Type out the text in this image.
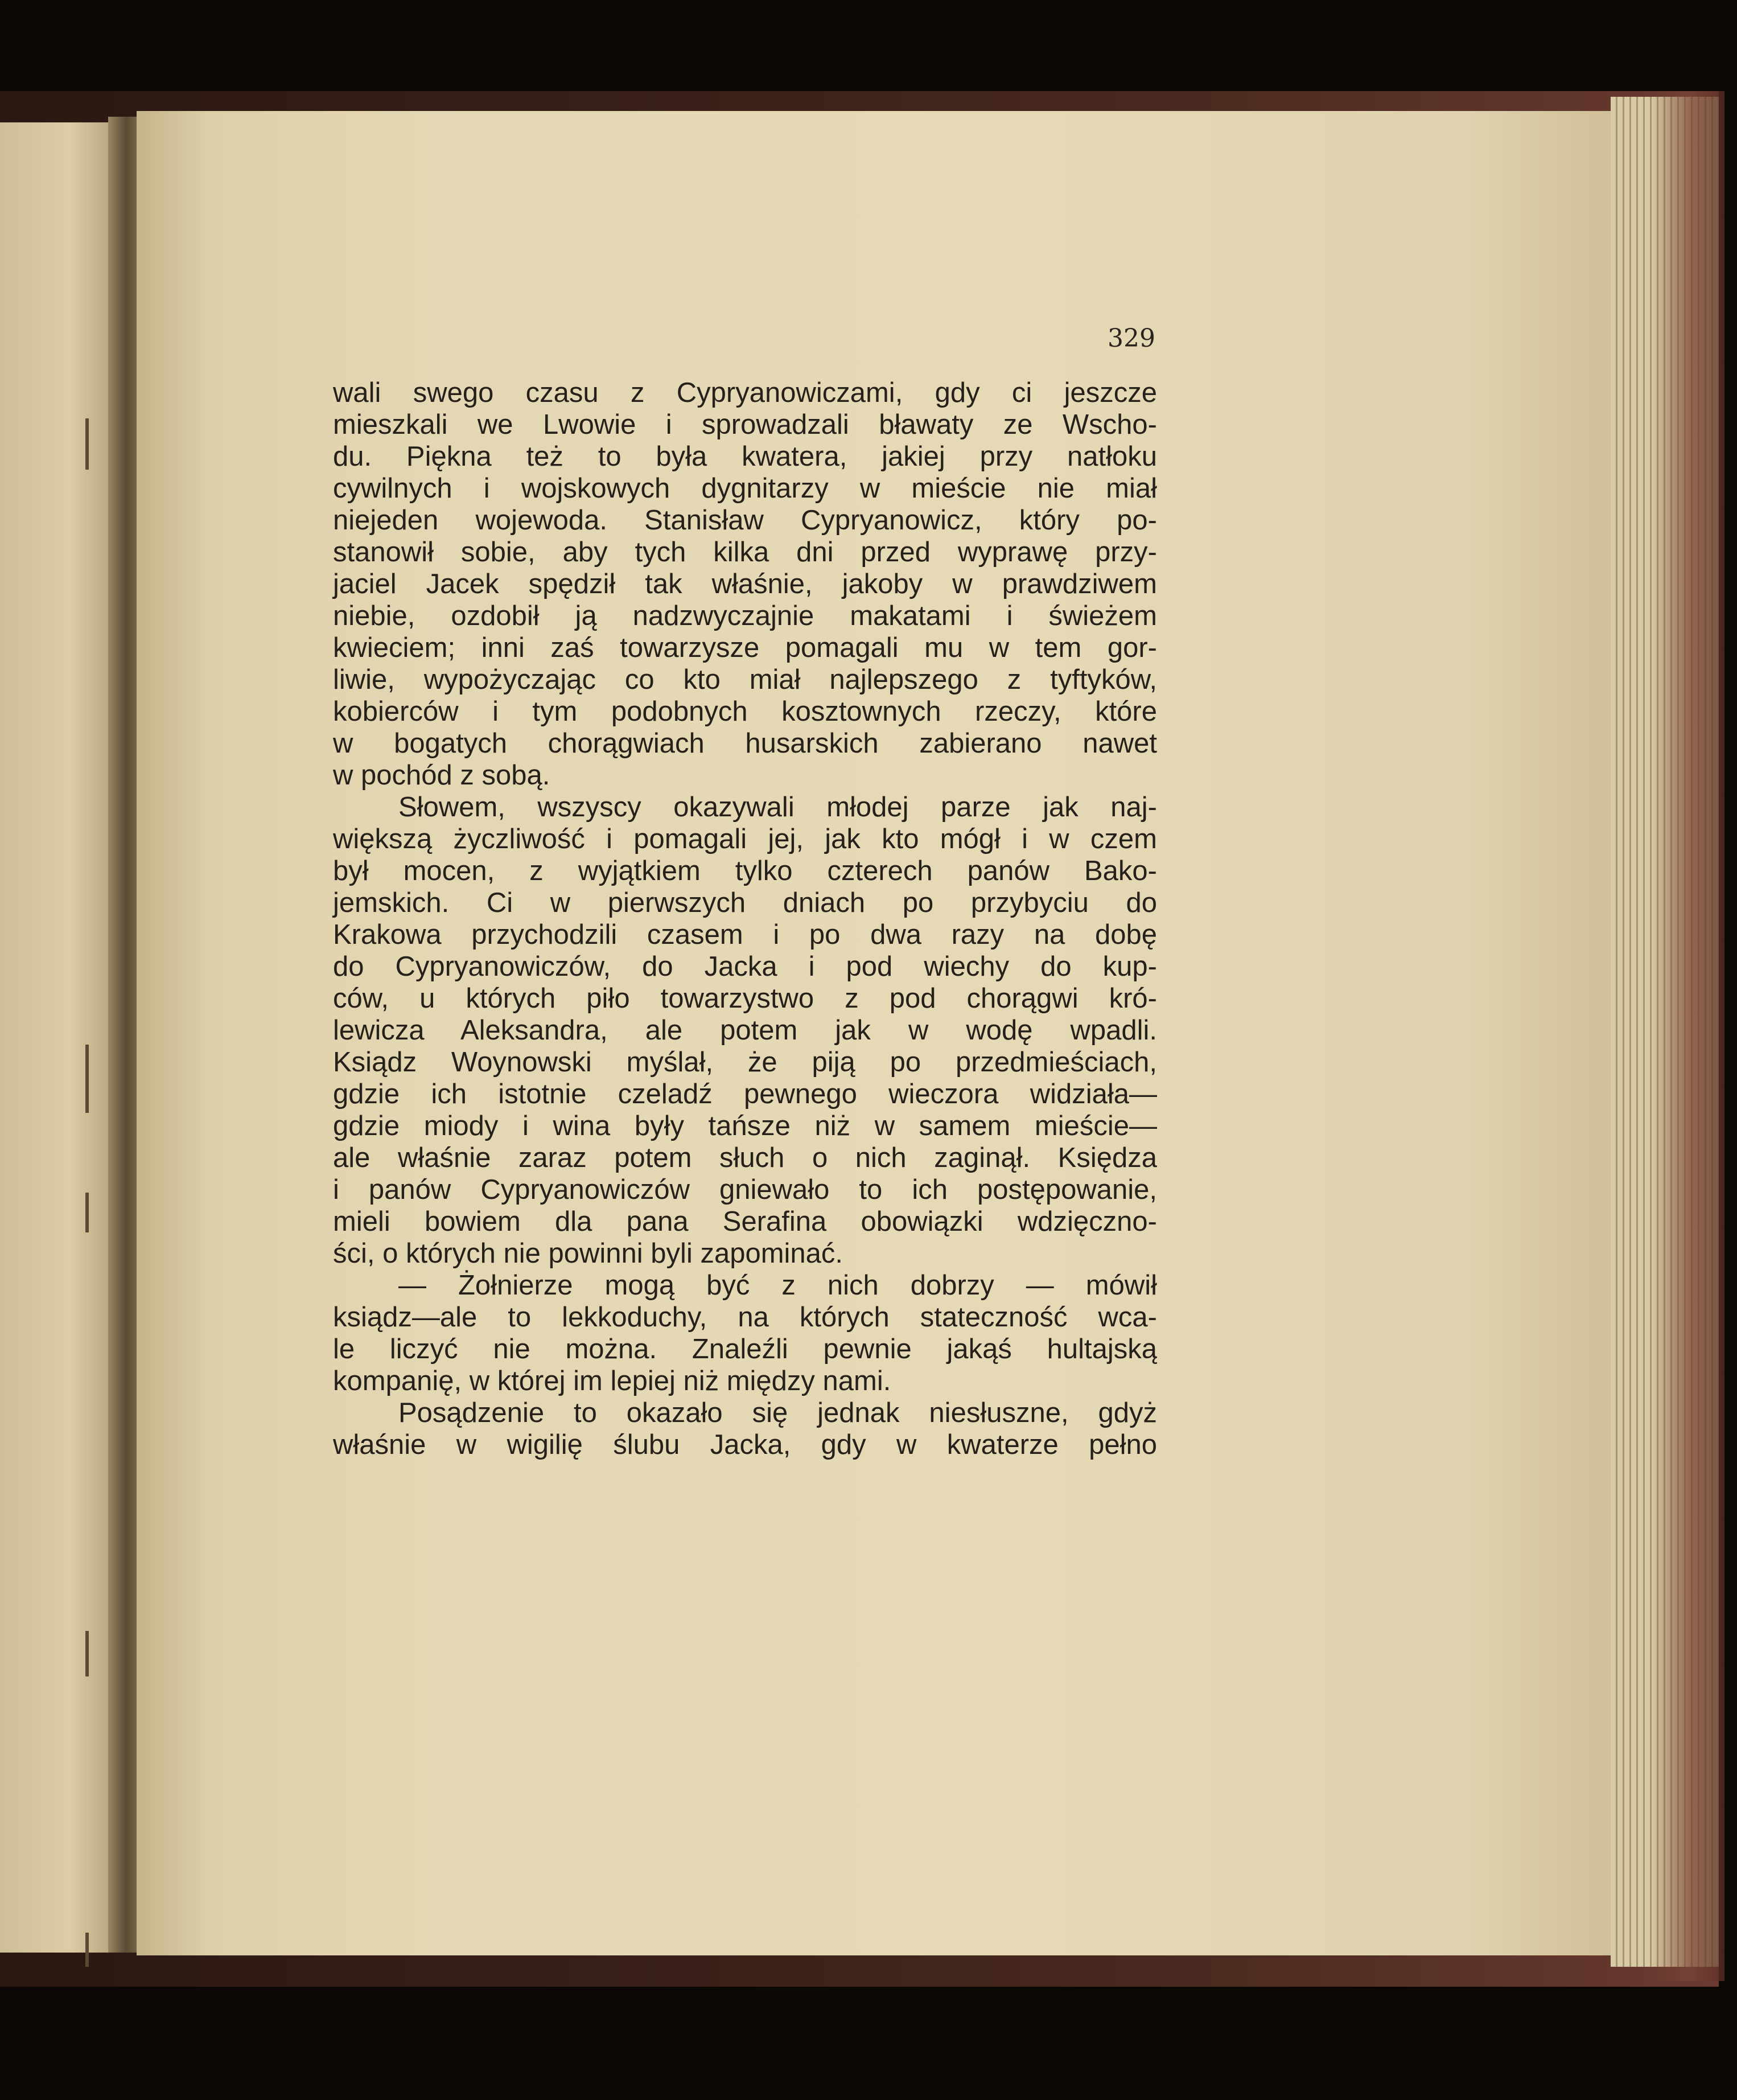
329
wali swego czasu z Cypryanowiczami, gdy ci jeszcze
mieszkali we Lwowie i sprowadzali bławaty ze Wscho-
du. Piękna też to była kwatera, jakiej przy natłoku
cywilnych i wojskowych dygnitarzy w mieście nie miał
niejeden wojewoda. Stanisław Cypryanowicz, który po-
stanowił sobie, aby tych kilka dni przed wyprawę przy-
jaciel Jacek spędził tak właśnie, jakoby w prawdziwem
niebie, ozdobił ją nadzwyczajnie makatami i świeżem
kwieciem; inni zaś towarzysze pomagali mu w tem gor-
liwie, wypożyczając co kto miał najlepszego z tyftyków,
kobierców i tym podobnych kosztownych rzeczy, które
w bogatych chorągwiach husarskich zabierano nawet
w pochód z sobą.
Słowem, wszyscy okazywali młodej parze jak naj-
większą życzliwość i pomagali jej, jak kto mógł i w czem
był mocen, z wyjątkiem tylko czterech panów Bako-
jemskich. Ci w pierwszych dniach po przybyciu do
Krakowa przychodzili czasem i po dwa razy na dobę
do Cypryanowiczów, do Jacka i pod wiechy do kup-
ców, u których piło towarzystwo z pod chorągwi kró-
lewicza Aleksandra, ale potem jak w wodę wpadli.
Ksiądz Woynowski myślał, że piją po przedmieściach,
gdzie ich istotnie czeladź pewnego wieczora widziała—
gdzie miody i wina były tańsze niż w samem mieście—
ale właśnie zaraz potem słuch o nich zaginął. Księdza
i panów Cypryanowiczów gniewało to ich postępowanie,
mieli bowiem dla pana Serafina obowiązki wdzięczno-
ści, o których nie powinni byli zapominać.
— Żołnierze mogą być z nich dobrzy — mówił
ksiądz—ale to lekkoduchy, na których stateczność wca-
le liczyć nie można. Znaleźli pewnie jakąś hultajską
kompanię, w której im lepiej niż między nami.
Posądzenie to okazało się jednak niesłuszne, gdyż
właśnie w wigilię ślubu Jacka, gdy w kwaterze pełno
